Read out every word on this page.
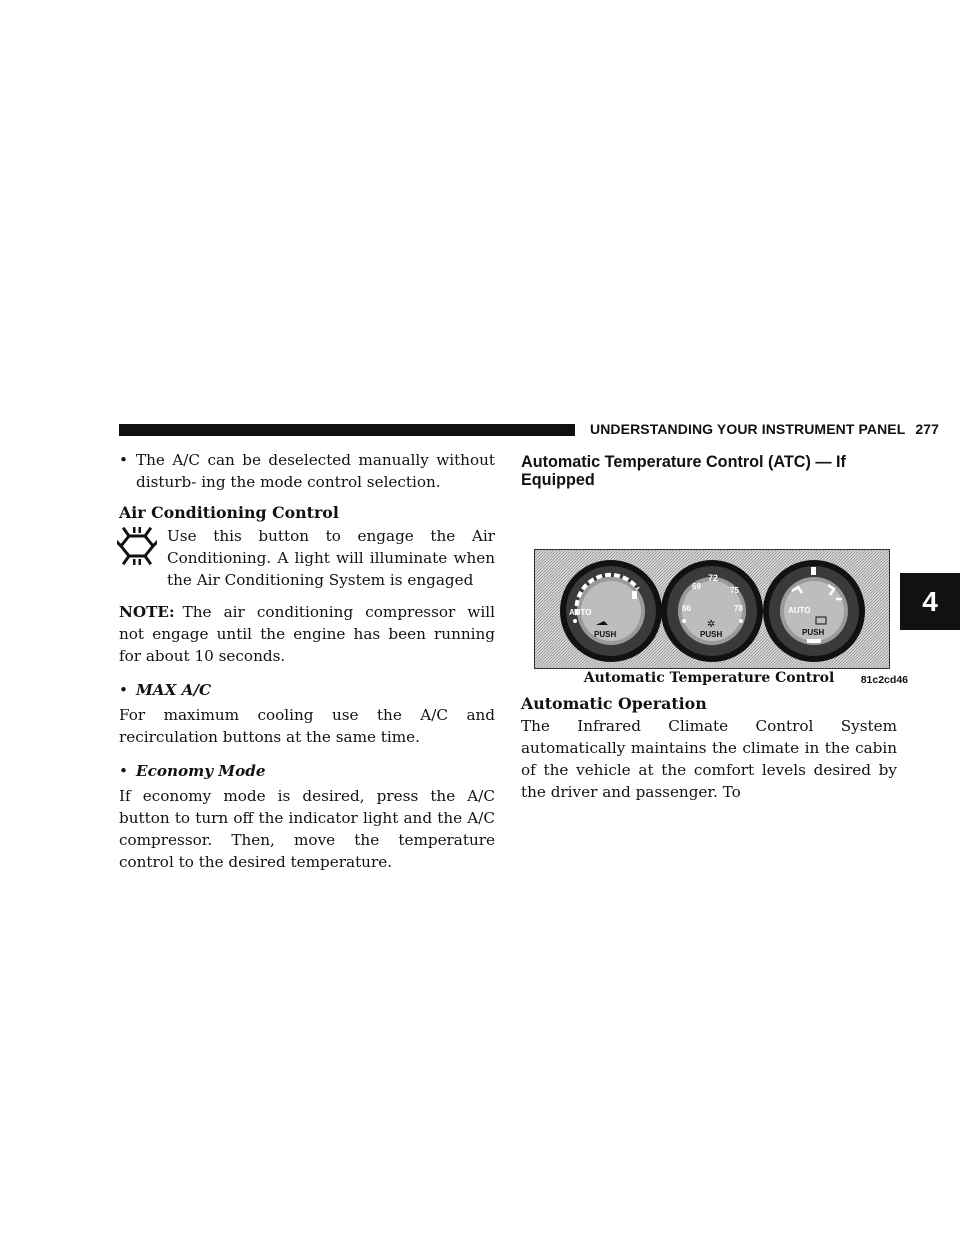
UNDERSTANDING YOUR INSTRUMENT PANEL 277
4
• The A/C can be deselected manually without disturb- ing the mode control selection.
Air Conditioning Control
Use this button to engage the Air Conditioning. A light will illuminate when the Air Conditioning System is engaged
NOTE: The air conditioning compressor will not engage until the engine has been running for about 10 seconds.
• MAX A/C
For maximum cooling use the A/C and recirculation buttons at the same time.
• Economy Mode
If economy mode is desired, press the A/C button to turn off the indicator light and the A/C compressor. Then, move the temperature control to the desired temperature.
Automatic Temperature Control (ATC) — If Equipped
AUTO
PUSH
69
72
75
66	78
PUSH
✲
AUTO
PUSH
81c2cd46
Automatic Temperature Control
Automatic Operation
The Infrared Climate Control System automatically maintains the climate in the cabin of the vehicle at the comfort levels desired by the driver and passenger. To
